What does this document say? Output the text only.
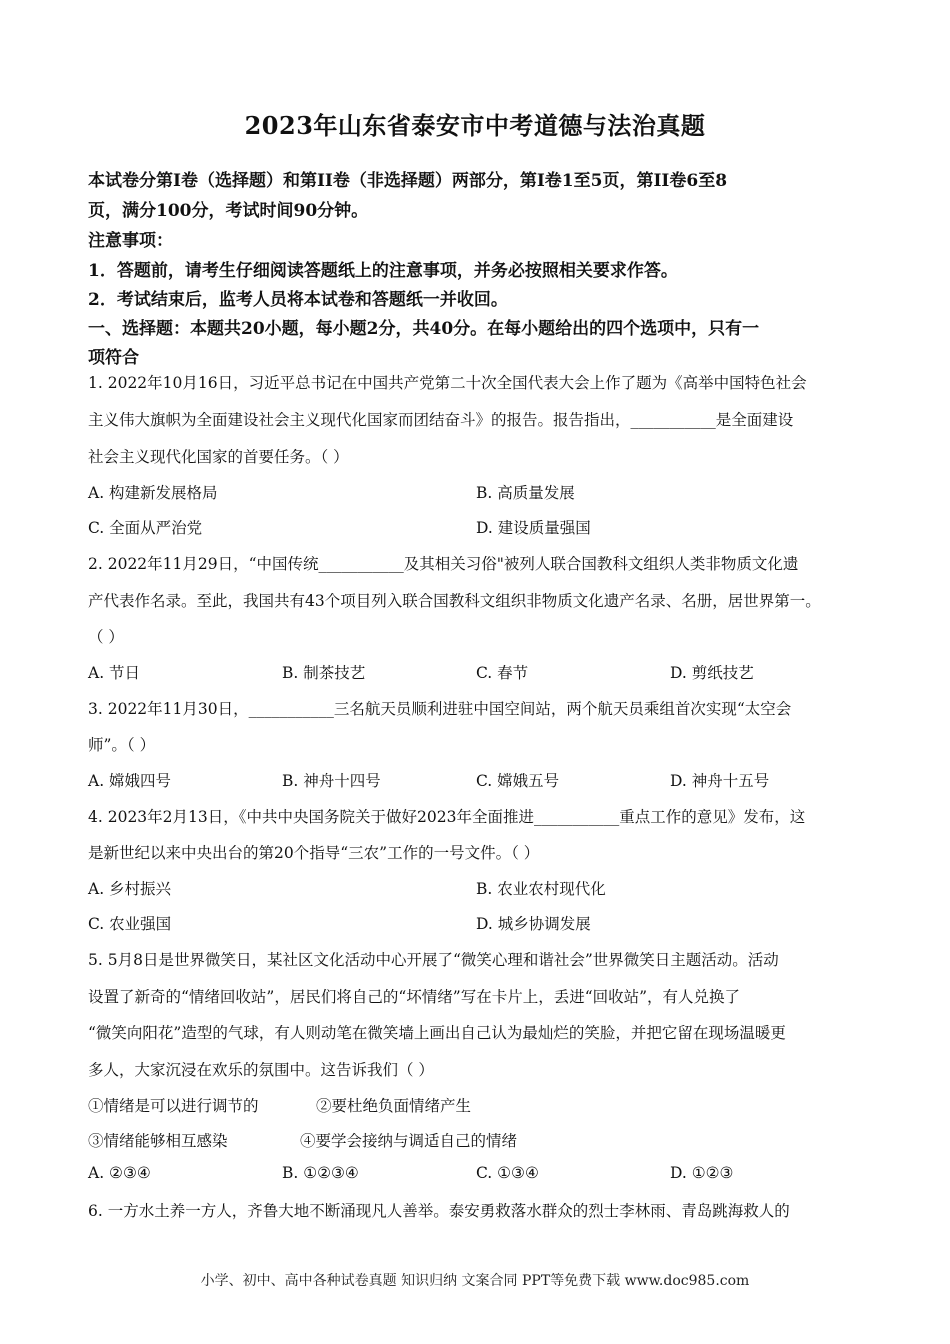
2023年山东省泰安市中考道德与法治真题
本试卷分第Ⅰ卷（选择题）和第II卷（非选择题）两部分，第Ⅰ卷1至5页，第II卷6至8
页，满分100分，考试时间90分钟。
注意事项：
1．答题前，请考生仔细阅读答题纸上的注意事项，并务必按照相关要求作答。
2．考试结束后，监考人员将本试卷和答题纸一并收回。
一、选择题：本题共20小题，每小题2分，共40分。在每小题给出的四个选项中，只有一
项符合
1. 2022年10月16日，习近平总书记在中国共产党第二十次全国代表大会上作了题为《高举中国特色社会
主义伟大旗帜为全面建设社会主义现代化国家而团结奋斗》的报告。报告指出，___________是全面建设
社会主义现代化国家的首要任务。（ ）
A. 构建新发展格局	B. 高质量发展
C. 全面从严治党	D. 建设质量强国
2. 2022年11月29日，“中国传统___________及其相关习俗"被列人联合国教科文组织人类非物质文化遗
产代表作名录。至此，我国共有43个项目列入联合国教科文组织非物质文化遗产名录、名册，居世界第一。
（ ）
A. 节日	B. 制茶技艺	C. 春节	D. 剪纸技艺
3. 2022年11月30日，___________三名航天员顺利进驻中国空间站，两个航天员乘组首次实现“太空会
师”。（ ）
A. 嫦娥四号	B. 神舟十四号	C. 嫦娥五号	D. 神舟十五号
4. 2023年2月13日，《中共中央国务院关于做好2023年全面推进___________重点工作的意见》发布，这
是新世纪以来中央出台的第20个指导“三农”工作的一号文件。（ ）
A. 乡村振兴	B. 农业农村现代化
C. 农业强国	D. 城乡协调发展
5. 5月8日是世界微笑日，某社区文化活动中心开展了“微笑心理和谐社会”世界微笑日主题活动。活动
设置了新奇的“情绪回收站”，居民们将自己的“坏情绪”写在卡片上，丢进“回收站”，有人兑换了
“微笑向阳花”造型的气球，有人则动笔在微笑墙上画出自己认为最灿烂的笑脸，并把它留在现场温暖更
多人，大家沉浸在欢乐的氛围中。这告诉我们（ ）
①情绪是可以进行调节的	②要杜绝负面情绪产生
③情绪能够相互感染	④要学会接纳与调适自己的情绪
A. ②③④	B. ①②③④	C. ①③④	D. ①②③
6. 一方水土养一方人，齐鲁大地不断涌现凡人善举。泰安勇救落水群众的烈士李林雨、青岛跳海救人的
小学、初中、高中各种试卷真题 知识归纳 文案合同 PPT等免费下载 www.doc985.com
